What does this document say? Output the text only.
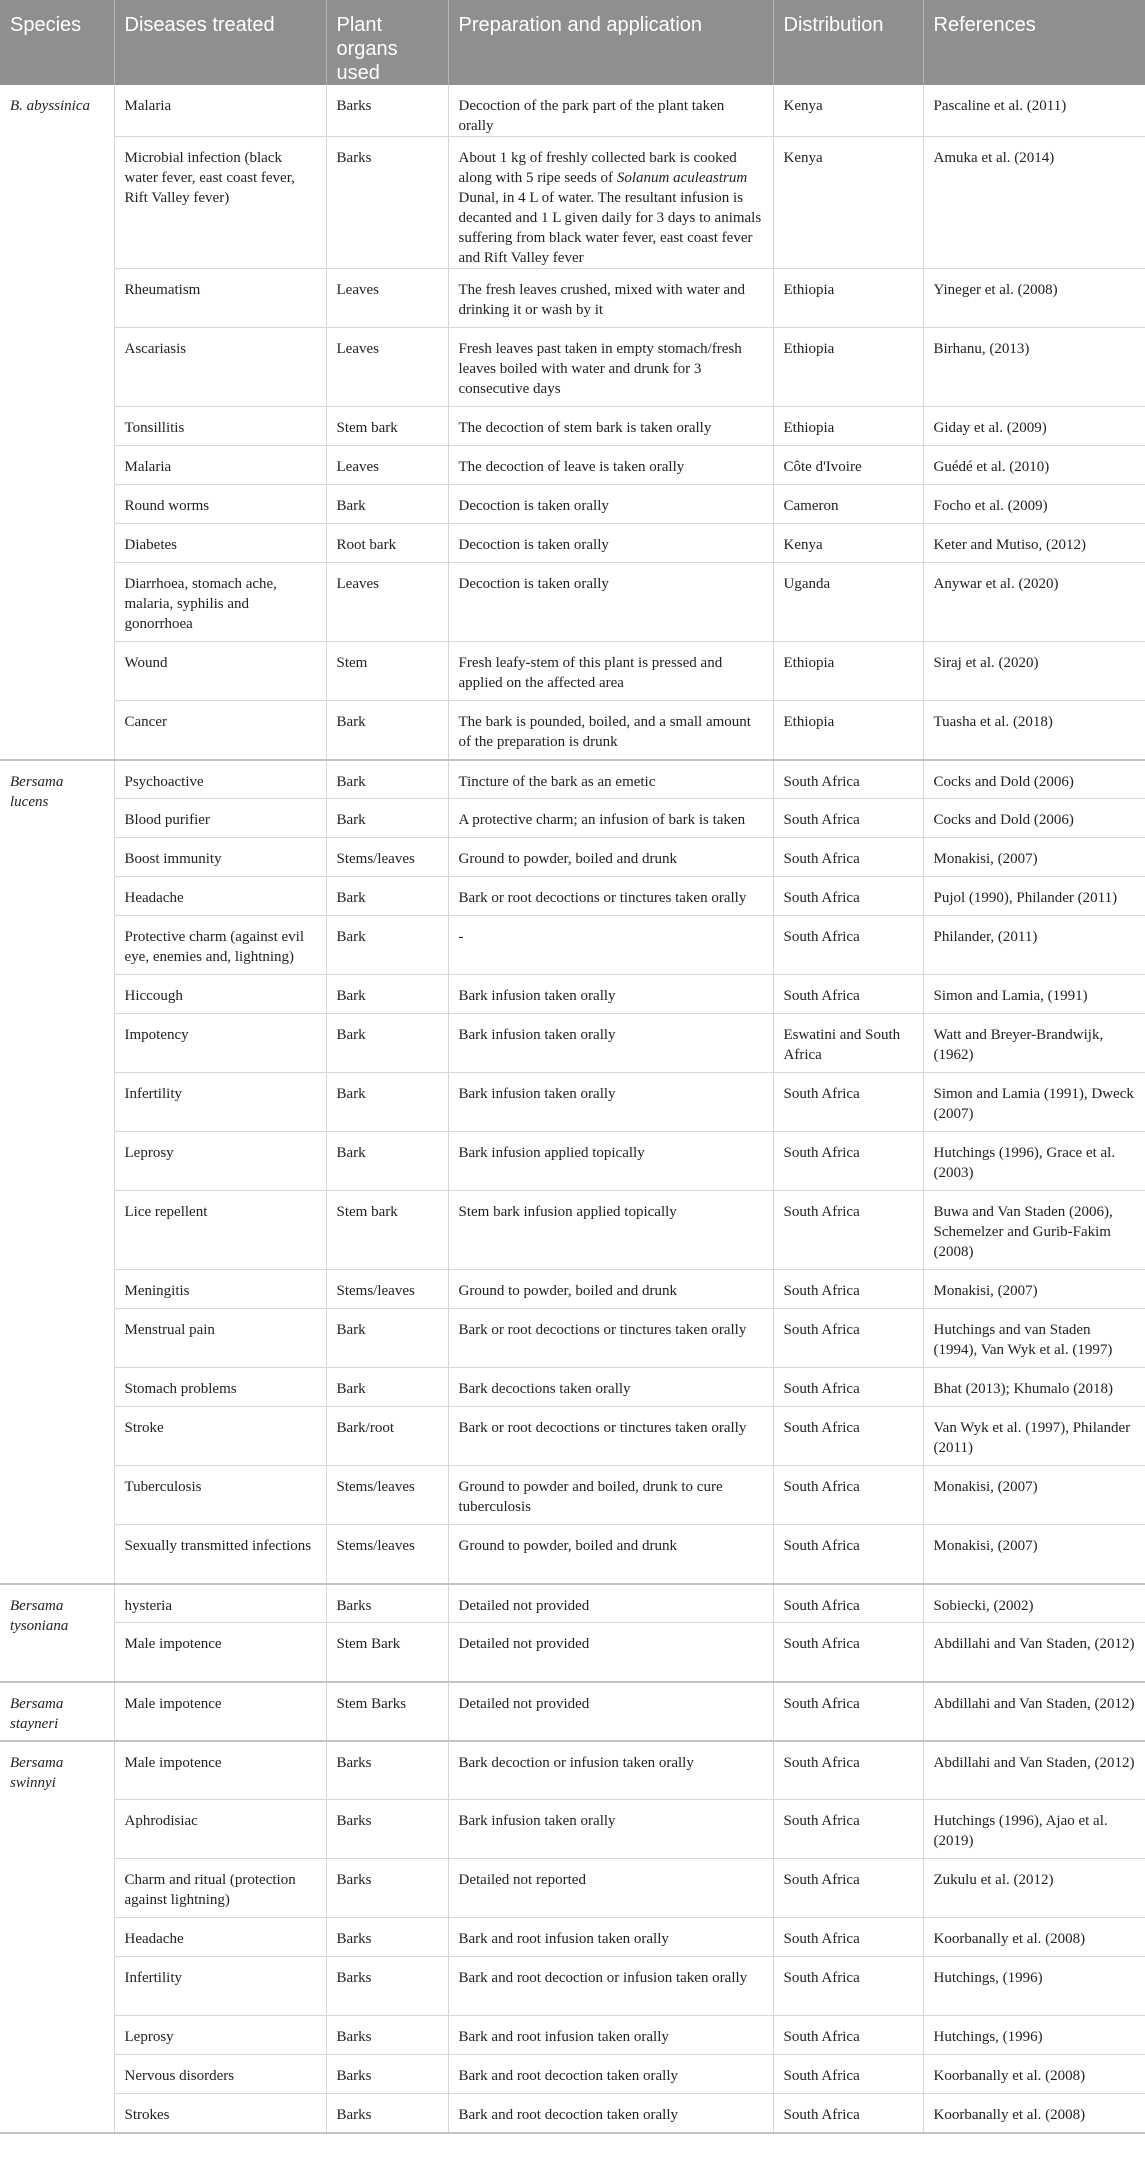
Species	Diseases treated	Plant organs used	Preparation and application	Distribution	References
B. abyssinica	Malaria	Barks	Decoction of the park part of the plant taken orally	Kenya	Pascaline et al. (2011)
	Microbial infection (black water fever, east coast fever, Rift Valley fever)	Barks	About 1 kg of freshly collected bark is cooked along with 5 ripe seeds of Solanum aculeastrum Dunal, in 4 L of water. The resultant infusion is decanted and 1 L given daily for 3 days to animals suffering from black water fever, east coast fever and Rift Valley fever	Kenya	Amuka et al. (2014)
	Rheumatism	Leaves	The fresh leaves crushed, mixed with water and drinking it or wash by it	Ethiopia	Yineger et al. (2008)
	Ascariasis	Leaves	Fresh leaves past taken in empty stomach/fresh leaves boiled with water and drunk for 3 consecutive days	Ethiopia	Birhanu, (2013)
	Tonsillitis	Stem bark	The decoction of stem bark is taken orally	Ethiopia	Giday et al. (2009)
	Malaria	Leaves	The decoction of leave is taken orally	Côte d'Ivoire	Guédé et al. (2010)
	Round worms	Bark	Decoction is taken orally	Cameron	Focho et al. (2009)
	Diabetes	Root bark	Decoction is taken orally	Kenya	Keter and Mutiso, (2012)
	Diarrhoea, stomach ache, malaria, syphilis and gonorrhoea	Leaves	Decoction is taken orally	Uganda	Anywar et al. (2020)
	Wound	Stem	Fresh leafy-stem of this plant is pressed and applied on the affected area	Ethiopia	Siraj et al. (2020)
	Cancer	Bark	The bark is pounded, boiled, and a small amount of the preparation is drunk	Ethiopia	Tuasha et al. (2018)
Bersama lucens	Psychoactive	Bark	Tincture of the bark as an emetic	South Africa	Cocks and Dold (2006)
	Blood purifier	Bark	A protective charm; an infusion of bark is taken	South Africa	Cocks and Dold (2006)
	Boost immunity	Stems/leaves	Ground to powder, boiled and drunk	South Africa	Monakisi, (2007)
	Headache	Bark	Bark or root decoctions or tinctures taken orally	South Africa	Pujol (1990), Philander (2011)
	Protective charm (against evil eye, enemies and, lightning)	Bark	-	South Africa	Philander, (2011)
	Hiccough	Bark	Bark infusion taken orally	South Africa	Simon and Lamia, (1991)
	Impotency	Bark	Bark infusion taken orally	Eswatini and South Africa	Watt and Breyer-Brandwijk, (1962)
	Infertility	Bark	Bark infusion taken orally	South Africa	Simon and Lamia (1991), Dweck (2007)
	Leprosy	Bark	Bark infusion applied topically	South Africa	Hutchings (1996), Grace et al. (2003)
	Lice repellent	Stem bark	Stem bark infusion applied topically	South Africa	Buwa and Van Staden (2006), Schemelzer and Gurib-Fakim (2008)
	Meningitis	Stems/leaves	Ground to powder, boiled and drunk	South Africa	Monakisi, (2007)
	Menstrual pain	Bark	Bark or root decoctions or tinctures taken orally	South Africa	Hutchings and van Staden (1994), Van Wyk et al. (1997)
	Stomach problems	Bark	Bark decoctions taken orally	South Africa	Bhat (2013); Khumalo (2018)
	Stroke	Bark/root	Bark or root decoctions or tinctures taken orally	South Africa	Van Wyk et al. (1997), Philander (2011)
	Tuberculosis	Stems/leaves	Ground to powder and boiled, drunk to cure tuberculosis	South Africa	Monakisi, (2007)
	Sexually transmitted infections	Stems/leaves	Ground to powder, boiled and drunk	South Africa	Monakisi, (2007)
Bersama tysoniana	hysteria	Barks	Detailed not provided	South Africa	Sobiecki, (2002)
	Male impotence	Stem Bark	Detailed not provided	South Africa	Abdillahi and Van Staden, (2012)
Bersama stayneri	Male impotence	Stem Barks	Detailed not provided	South Africa	Abdillahi and Van Staden, (2012)
Bersama swinnyi	Male impotence	Barks	Bark decoction or infusion taken orally	South Africa	Abdillahi and Van Staden, (2012)
	Aphrodisiac	Barks	Bark infusion taken orally	South Africa	Hutchings (1996), Ajao et al. (2019)
	Charm and ritual (protection against lightning)	Barks	Detailed not reported	South Africa	Zukulu et al. (2012)
	Headache	Barks	Bark and root infusion taken orally	South Africa	Koorbanally et al. (2008)
	Infertility	Barks	Bark and root decoction or infusion taken orally	South Africa	Hutchings, (1996)
	Leprosy	Barks	Bark and root infusion taken orally	South Africa	Hutchings, (1996)
	Nervous disorders	Barks	Bark and root decoction taken orally	South Africa	Koorbanally et al. (2008)
	Strokes	Barks	Bark and root decoction taken orally	South Africa	Koorbanally et al. (2008)
